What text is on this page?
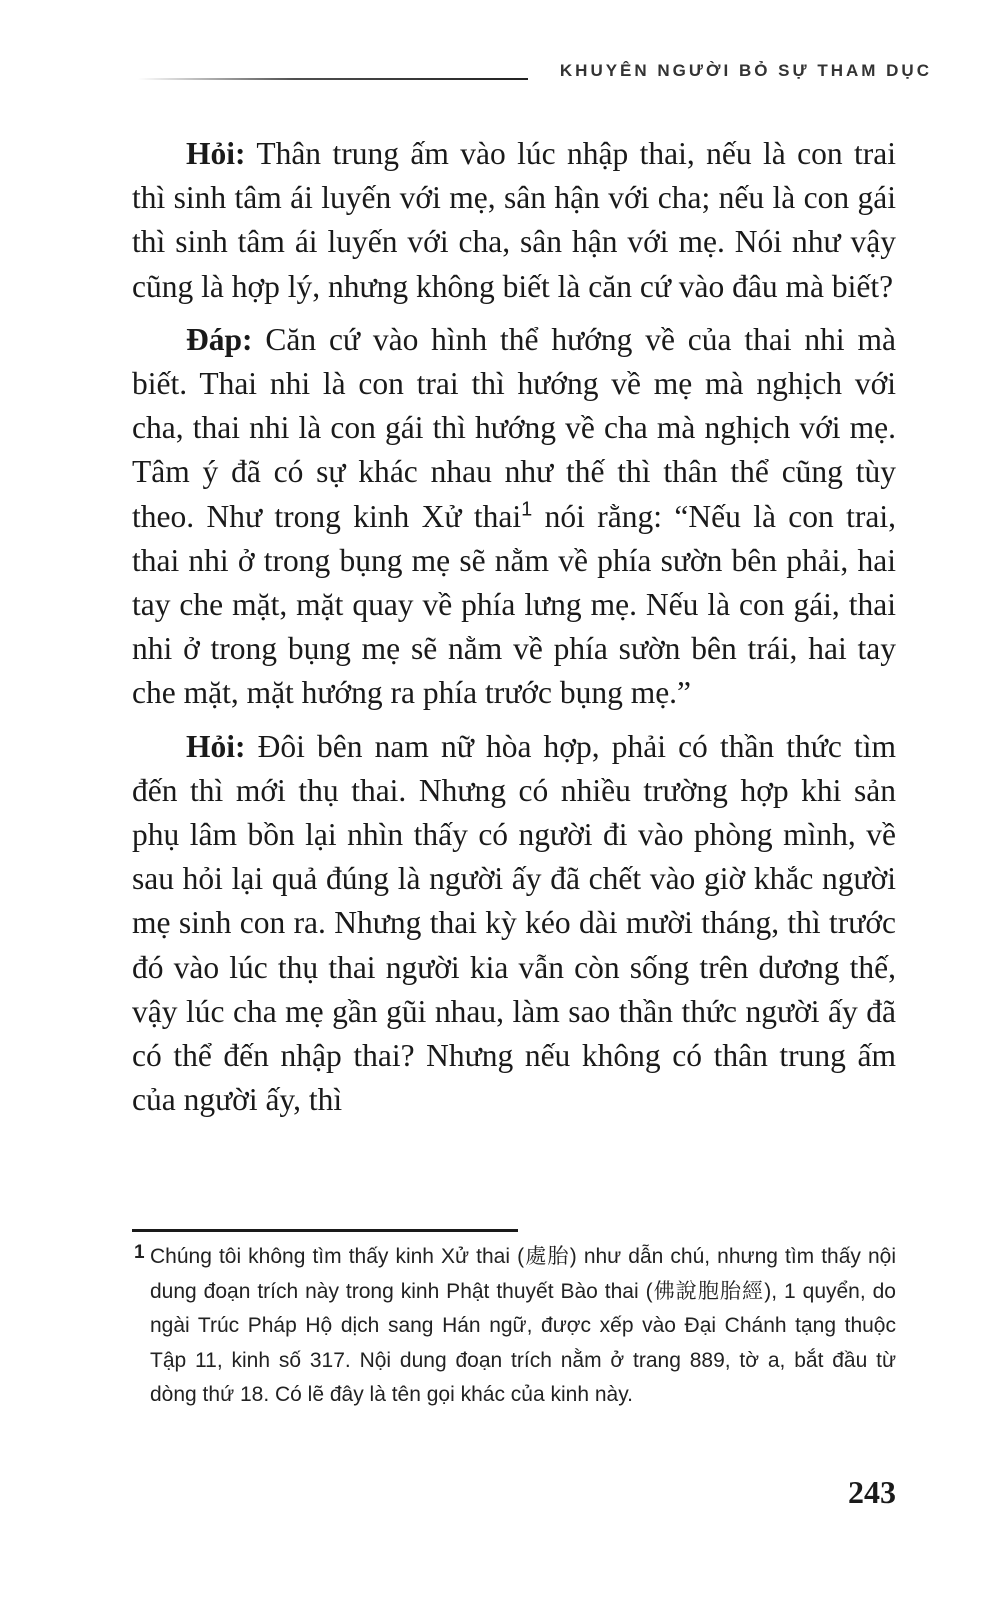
KHUYÊN NGƯỜI BỎ SỰ THAM DỤC

Hỏi: Thân trung ấm vào lúc nhập thai, nếu là con trai thì sinh tâm ái luyến với mẹ, sân hận với cha; nếu là con gái thì sinh tâm ái luyến với cha, sân hận với mẹ. Nói như vậy cũng là hợp lý, nhưng không biết là căn cứ vào đâu mà biết?

Đáp: Căn cứ vào hình thể hướng về của thai nhi mà biết. Thai nhi là con trai thì hướng về mẹ mà nghịch với cha, thai nhi là con gái thì hướng về cha mà nghịch với mẹ. Tâm ý đã có sự khác nhau như thế thì thân thể cũng tùy theo. Như trong kinh Xử thai$^1$ nói rằng: “Nếu là con trai, thai nhi ở trong bụng mẹ sẽ nằm về phía sườn bên phải, hai tay che mặt, mặt quay về phía lưng mẹ. Nếu là con gái, thai nhi ở trong bụng mẹ sẽ nằm về phía sườn bên trái, hai tay che mặt, mặt hướng ra phía trước bụng mẹ.”

Hỏi: Đôi bên nam nữ hòa hợp, phải có thần thức tìm đến thì mới thụ thai. Nhưng có nhiều trường hợp khi sản phụ lâm bồn lại nhìn thấy có người đi vào phòng mình, về sau hỏi lại quả đúng là người ấy đã chết vào giờ khắc người mẹ sinh con ra. Nhưng thai kỳ kéo dài mười tháng, thì trước đó vào lúc thụ thai người kia vẫn còn sống trên dương thế, vậy lúc cha mẹ gần gũi nhau, làm sao thần thức người ấy đã có thể đến nhập thai? Nhưng nếu không có thân trung ấm của người ấy, thì

1 Chúng tôi không tìm thấy kinh Xử thai (處胎) như dẫn chú, nhưng tìm thấy nội dung đoạn trích này trong kinh Phật thuyết Bào thai (佛說胞胎經), 1 quyển, do ngài Trúc Pháp Hộ dịch sang Hán ngữ, được xếp vào Đại Chánh tạng thuộc Tập 11, kinh số 317. Nội dung đoạn trích nằm ở trang 889, tờ a, bắt đầu từ dòng thứ 18. Có lẽ đây là tên gọi khác của kinh này.
243
